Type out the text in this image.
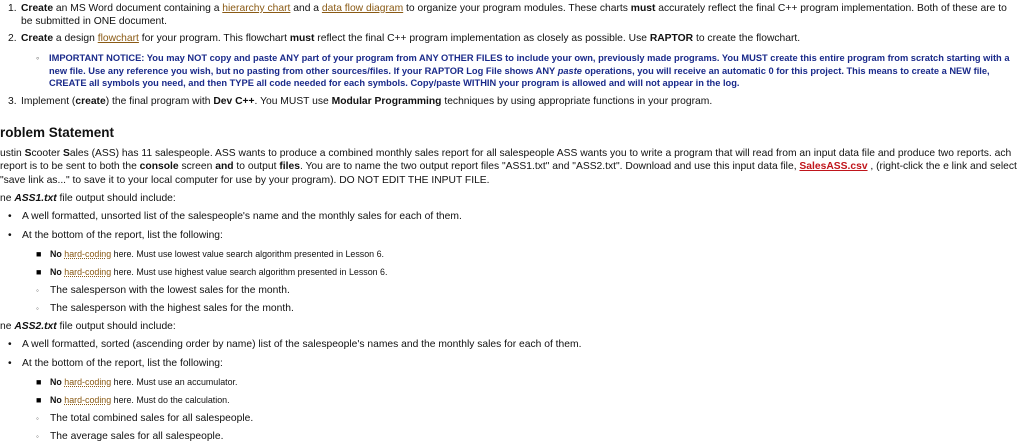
1. Create an MS Word document containing a hierarchy chart and a data flow diagram to organize your program modules. These charts must accurately reflect the final C++ program implementation. Both of these are to be submitted in ONE document.
2. Create a design flowchart for your program. This flowchart must reflect the final C++ program implementation as closely as possible. Use RAPTOR to create the flowchart.
3. Implement (create) the final program with Dev C++. You MUST use Modular Programming techniques by using appropriate functions in your program.
◦ IMPORTANT NOTICE: You may NOT copy and paste ANY part of your program from ANY OTHER FILES to include your own, previously made programs. You MUST create this entire program from scratch starting with a new file. Use any reference you wish, but no pasting from other sources/files. If your RAPTOR Log File shows ANY paste operations, you will receive an automatic 0 for this project. This means to create a NEW file, CREATE all symbols you need, and then TYPE all code needed for each symbols. Copy/paste WITHIN your program is allowed and will not appear in the log.
roblem Statement
ustin Scooter Sales (ASS) has 11 salespeople. ASS wants to produce a combined monthly sales report for all salespeople ASS wants you to write a program that will read from an input data file and produce two reports. ach report is to be sent to both the console screen and to output files. You are to name the two output report files "ASS1.txt" and "ASS2.txt". Download and use this input data file, SalesASS.csv , (right-click the e link and select "save link as..." to save it to your local computer for use by your program). DO NOT EDIT THE INPUT FILE.
ne ASS1.txt file output should include:
• A well formatted, unsorted list of the salespeople's name and the monthly sales for each of them.
• At the bottom of the report, list the following:
■ No hard-coding here. Must use lowest value search algorithm presented in Lesson 6.
■ No hard-coding here. Must use highest value search algorithm presented in Lesson 6.
◦ The salesperson with the lowest sales for the month.
◦ The salesperson with the highest sales for the month.
ne ASS2.txt file output should include:
• A well formatted, sorted (ascending order by name) list of the salespeople's names and the monthly sales for each of them.
• At the bottom of the report, list the following:
■ No hard-coding here. Must use an accumulator.
■ No hard-coding here. Must do the calculation.
◦ The total combined sales for all salespeople.
◦ The average sales for all salespeople.
